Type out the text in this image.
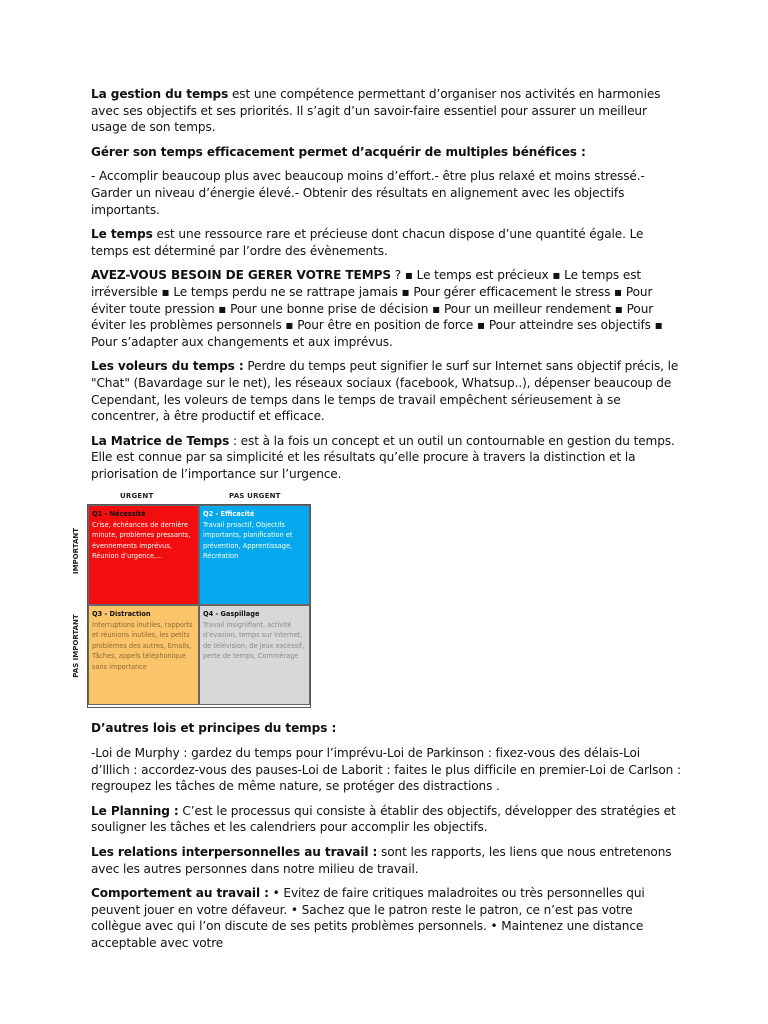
La gestion du temps est une compétence permettant d’organiser nos activités en harmonies avec ses objectifs et ses priorités. Il s’agit d’un savoir-faire essentiel pour assurer un meilleur usage de son temps.

Gérer son temps efficacement permet d’acquérir de multiples bénéfices :

- Accomplir beaucoup plus avec beaucoup moins d’effort.- être plus relaxé et moins stressé.- Garder un niveau d’énergie élevé.- Obtenir des résultats en alignement avec les objectifs importants.

Le temps est une ressource rare et précieuse dont chacun dispose d’une quantité égale. Le temps est déterminé par l’ordre des évènements.

AVEZ-VOUS BESOIN DE GERER VOTRE TEMPS ? ▪ Le temps est précieux ▪ Le temps est irréversible ▪ Le temps perdu ne se rattrape jamais ▪ Pour gérer efficacement le stress ▪ Pour éviter toute pression ▪ Pour une bonne prise de décision ▪ Pour un meilleur rendement ▪ Pour éviter les problèmes personnels ▪ Pour être en position de force ▪ Pour atteindre ses objectifs ▪ Pour s’adapter aux changements et aux imprévus.

Les voleurs du temps : Perdre du temps peut signifier le surf sur Internet sans objectif précis, le "Chat" (Bavardage sur le net), les réseaux sociaux (facebook, Whatsup..), dépenser beaucoup de Cependant, les voleurs de temps dans le temps de travail empêchent sérieusement à se concentrer, à être productif et efficace.

La Matrice de Temps : est à la fois un concept et un outil un contournable en gestion du temps. Elle est connue par sa simplicité et les résultats qu’elle procure à travers la distinction et la priorisation de l’importance sur l’urgence.

URGENT	PAS URGENT
IMPORTANT
PAS IMPORTANT
Q1 - Nécessité
Crise, échéances de dernière minute, problèmes pressants, évennements imprévus, Réunion d’urgence,…
Q2 - Efficacité
Travail proactif, Objectifs importants, planification et prévention, Apprentissage, Récréation
Q3 - Distraction
Interruptions inutiles, rapports et réunions inutiles, les petits problèmes des autres, Emails, Tâches, appels téléphonique sans importance
Q4 - Gaspillage
Travail insignifiant, activité d’évasion, temps sur Internet, de télévision, de jeux excessif, perte de temps, Commérage

D’autres lois et principes du temps :

-Loi de Murphy : gardez du temps pour l’imprévu-Loi de Parkinson : fixez-vous des délais-Loi d’Illich : accordez-vous des pauses-Loi de Laborit : faites le plus difficile en premier-Loi de Carlson : regroupez les tâches de même nature, se protéger des distractions .

Le Planning : C’est le processus qui consiste à établir des objectifs, développer des stratégies et souligner les tâches et les calendriers pour accomplir les objectifs.

Les relations interpersonnelles au travail : sont les rapports, les liens que nous entretenons avec les autres personnes dans notre milieu de travail.

Comportement au travail : • Evitez de faire critiques maladroites ou très personnelles qui peuvent jouer en votre défaveur. • Sachez que le patron reste le patron, ce n’est pas votre collègue avec qui l’on discute de ses petits problèmes personnels. • Maintenez une distance acceptable avec votre
